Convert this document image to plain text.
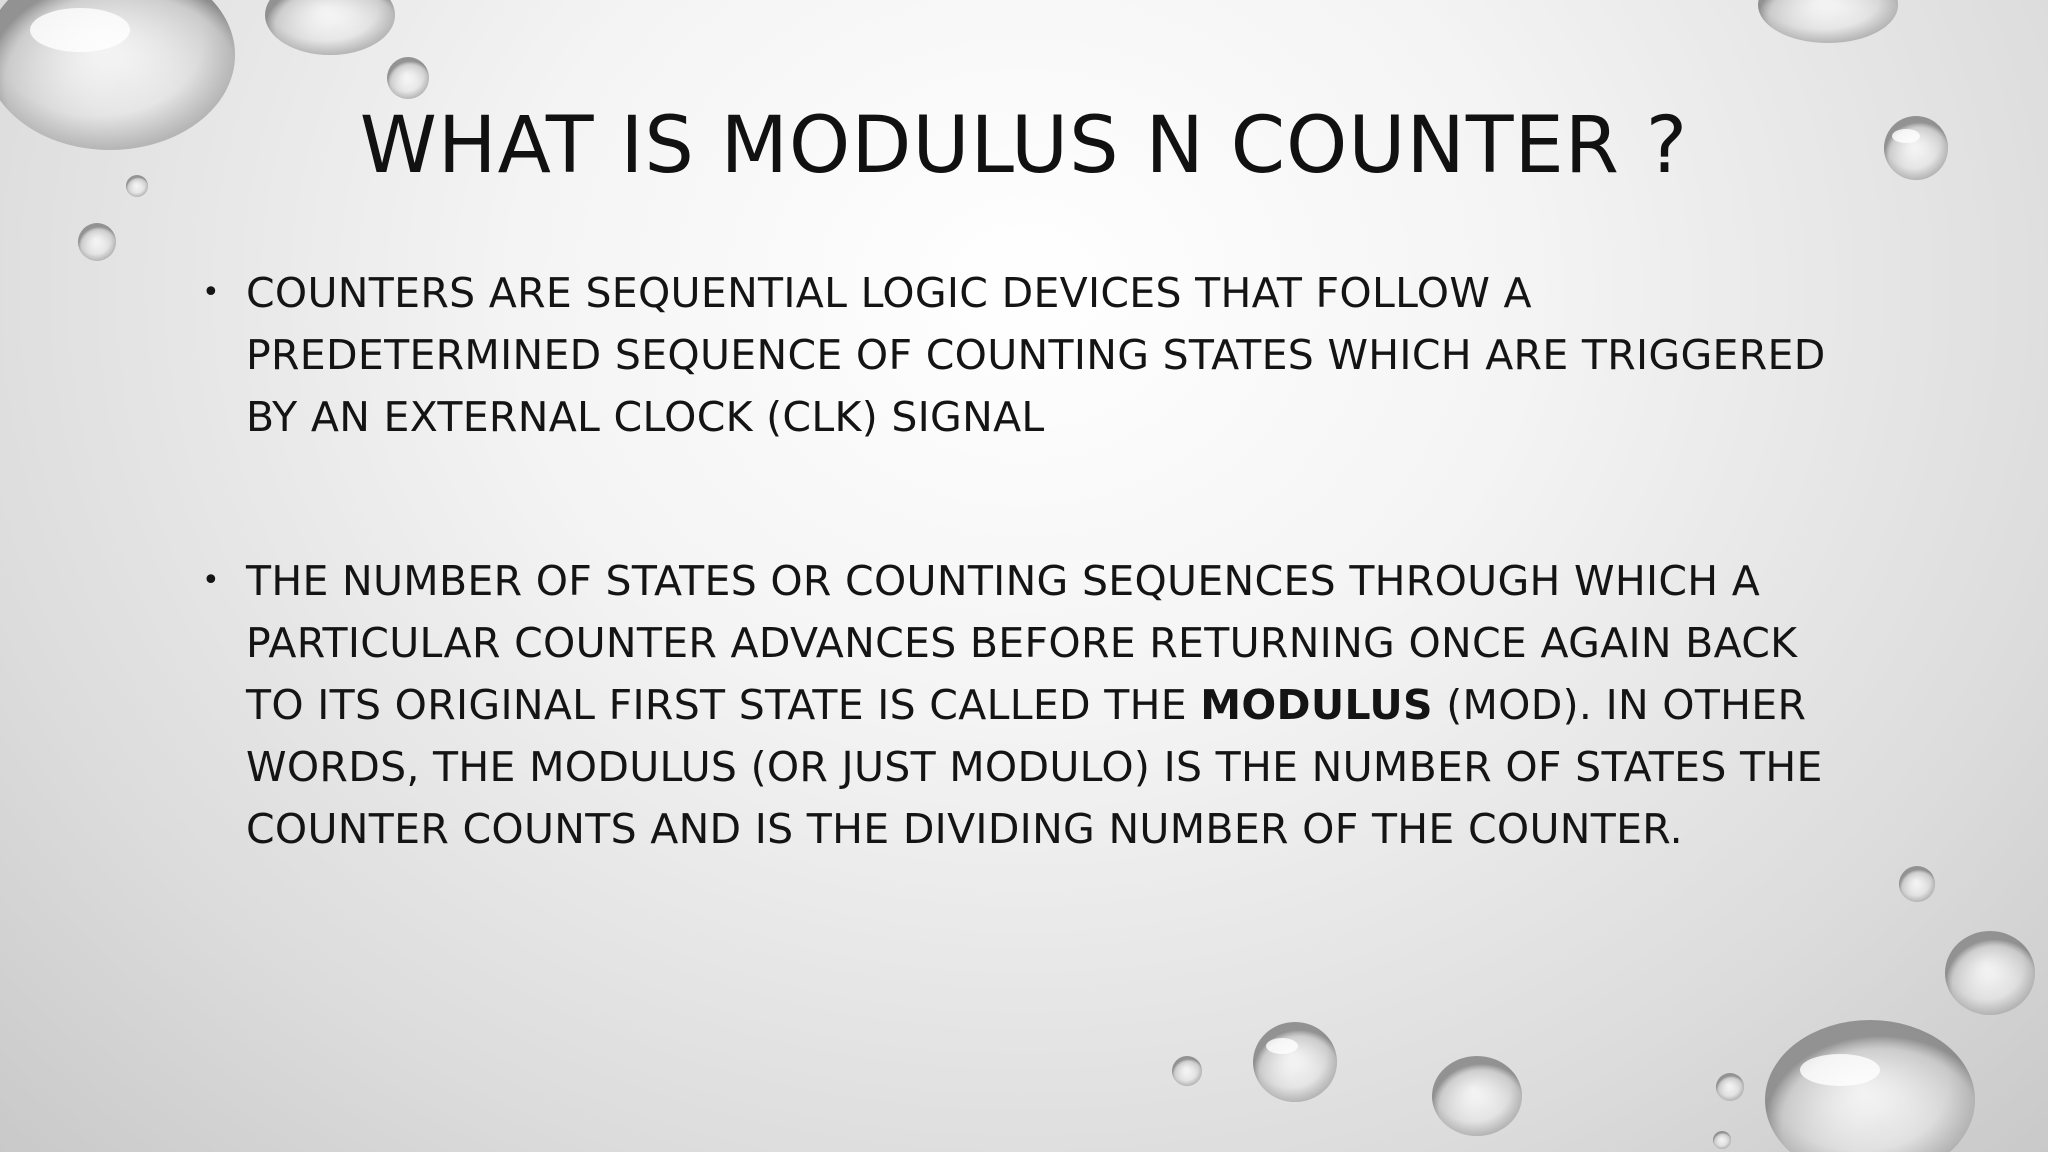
WHAT IS MODULUS N COUNTER ?
• COUNTERS ARE SEQUENTIAL LOGIC DEVICES THAT FOLLOW A PREDETERMINED SEQUENCE OF COUNTING STATES WHICH ARE TRIGGERED BY AN EXTERNAL CLOCK (CLK) SIGNAL
• THE NUMBER OF STATES OR COUNTING SEQUENCES THROUGH WHICH A PARTICULAR COUNTER ADVANCES BEFORE RETURNING ONCE AGAIN BACK TO ITS ORIGINAL FIRST STATE IS CALLED THE MODULUS (MOD). IN OTHER WORDS, THE MODULUS (OR JUST MODULO) IS THE NUMBER OF STATES THE COUNTER COUNTS AND IS THE DIVIDING NUMBER OF THE COUNTER.
